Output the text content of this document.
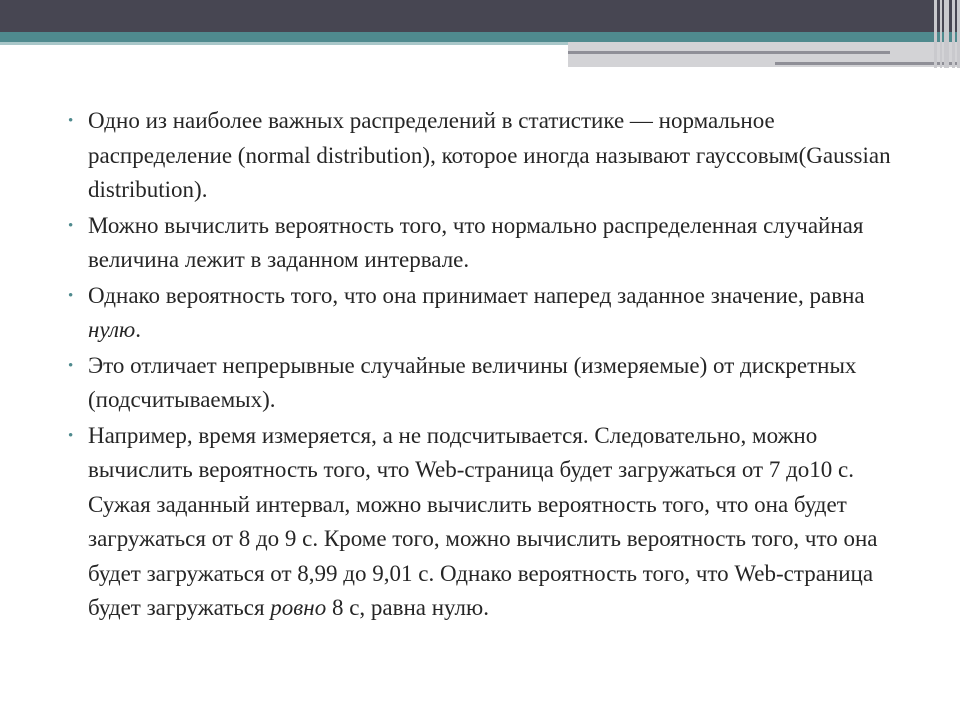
• Одно из наиболее важных распределений в статистике — нормальное распределение (normal distribution), которое иногда называют гауссовым(Gaussian distribution).
• Можно вычислить вероятность того, что нормально распределенная случайная величина лежит в заданном интервале.
• Однако вероятность того, что она принимает наперед заданное значение, равна нулю.
• Это отличает непрерывные случайные величины (измеряемые) от дискретных (подсчитываемых).
• Например, время измеряется, а не подсчитывается. Следовательно, можно вычислить вероятность того, что Web-страница будет загружаться от 7 до10 с. Сужая заданный интервал, можно вычислить вероятность того, что она будет загружаться от 8 до 9 с. Кроме того, можно вычислить вероятность того, что она будет загружаться от 8,99 до 9,01 с. Однако вероятность того, что Web-страница будет загружаться ровно 8 с, равна нулю.
